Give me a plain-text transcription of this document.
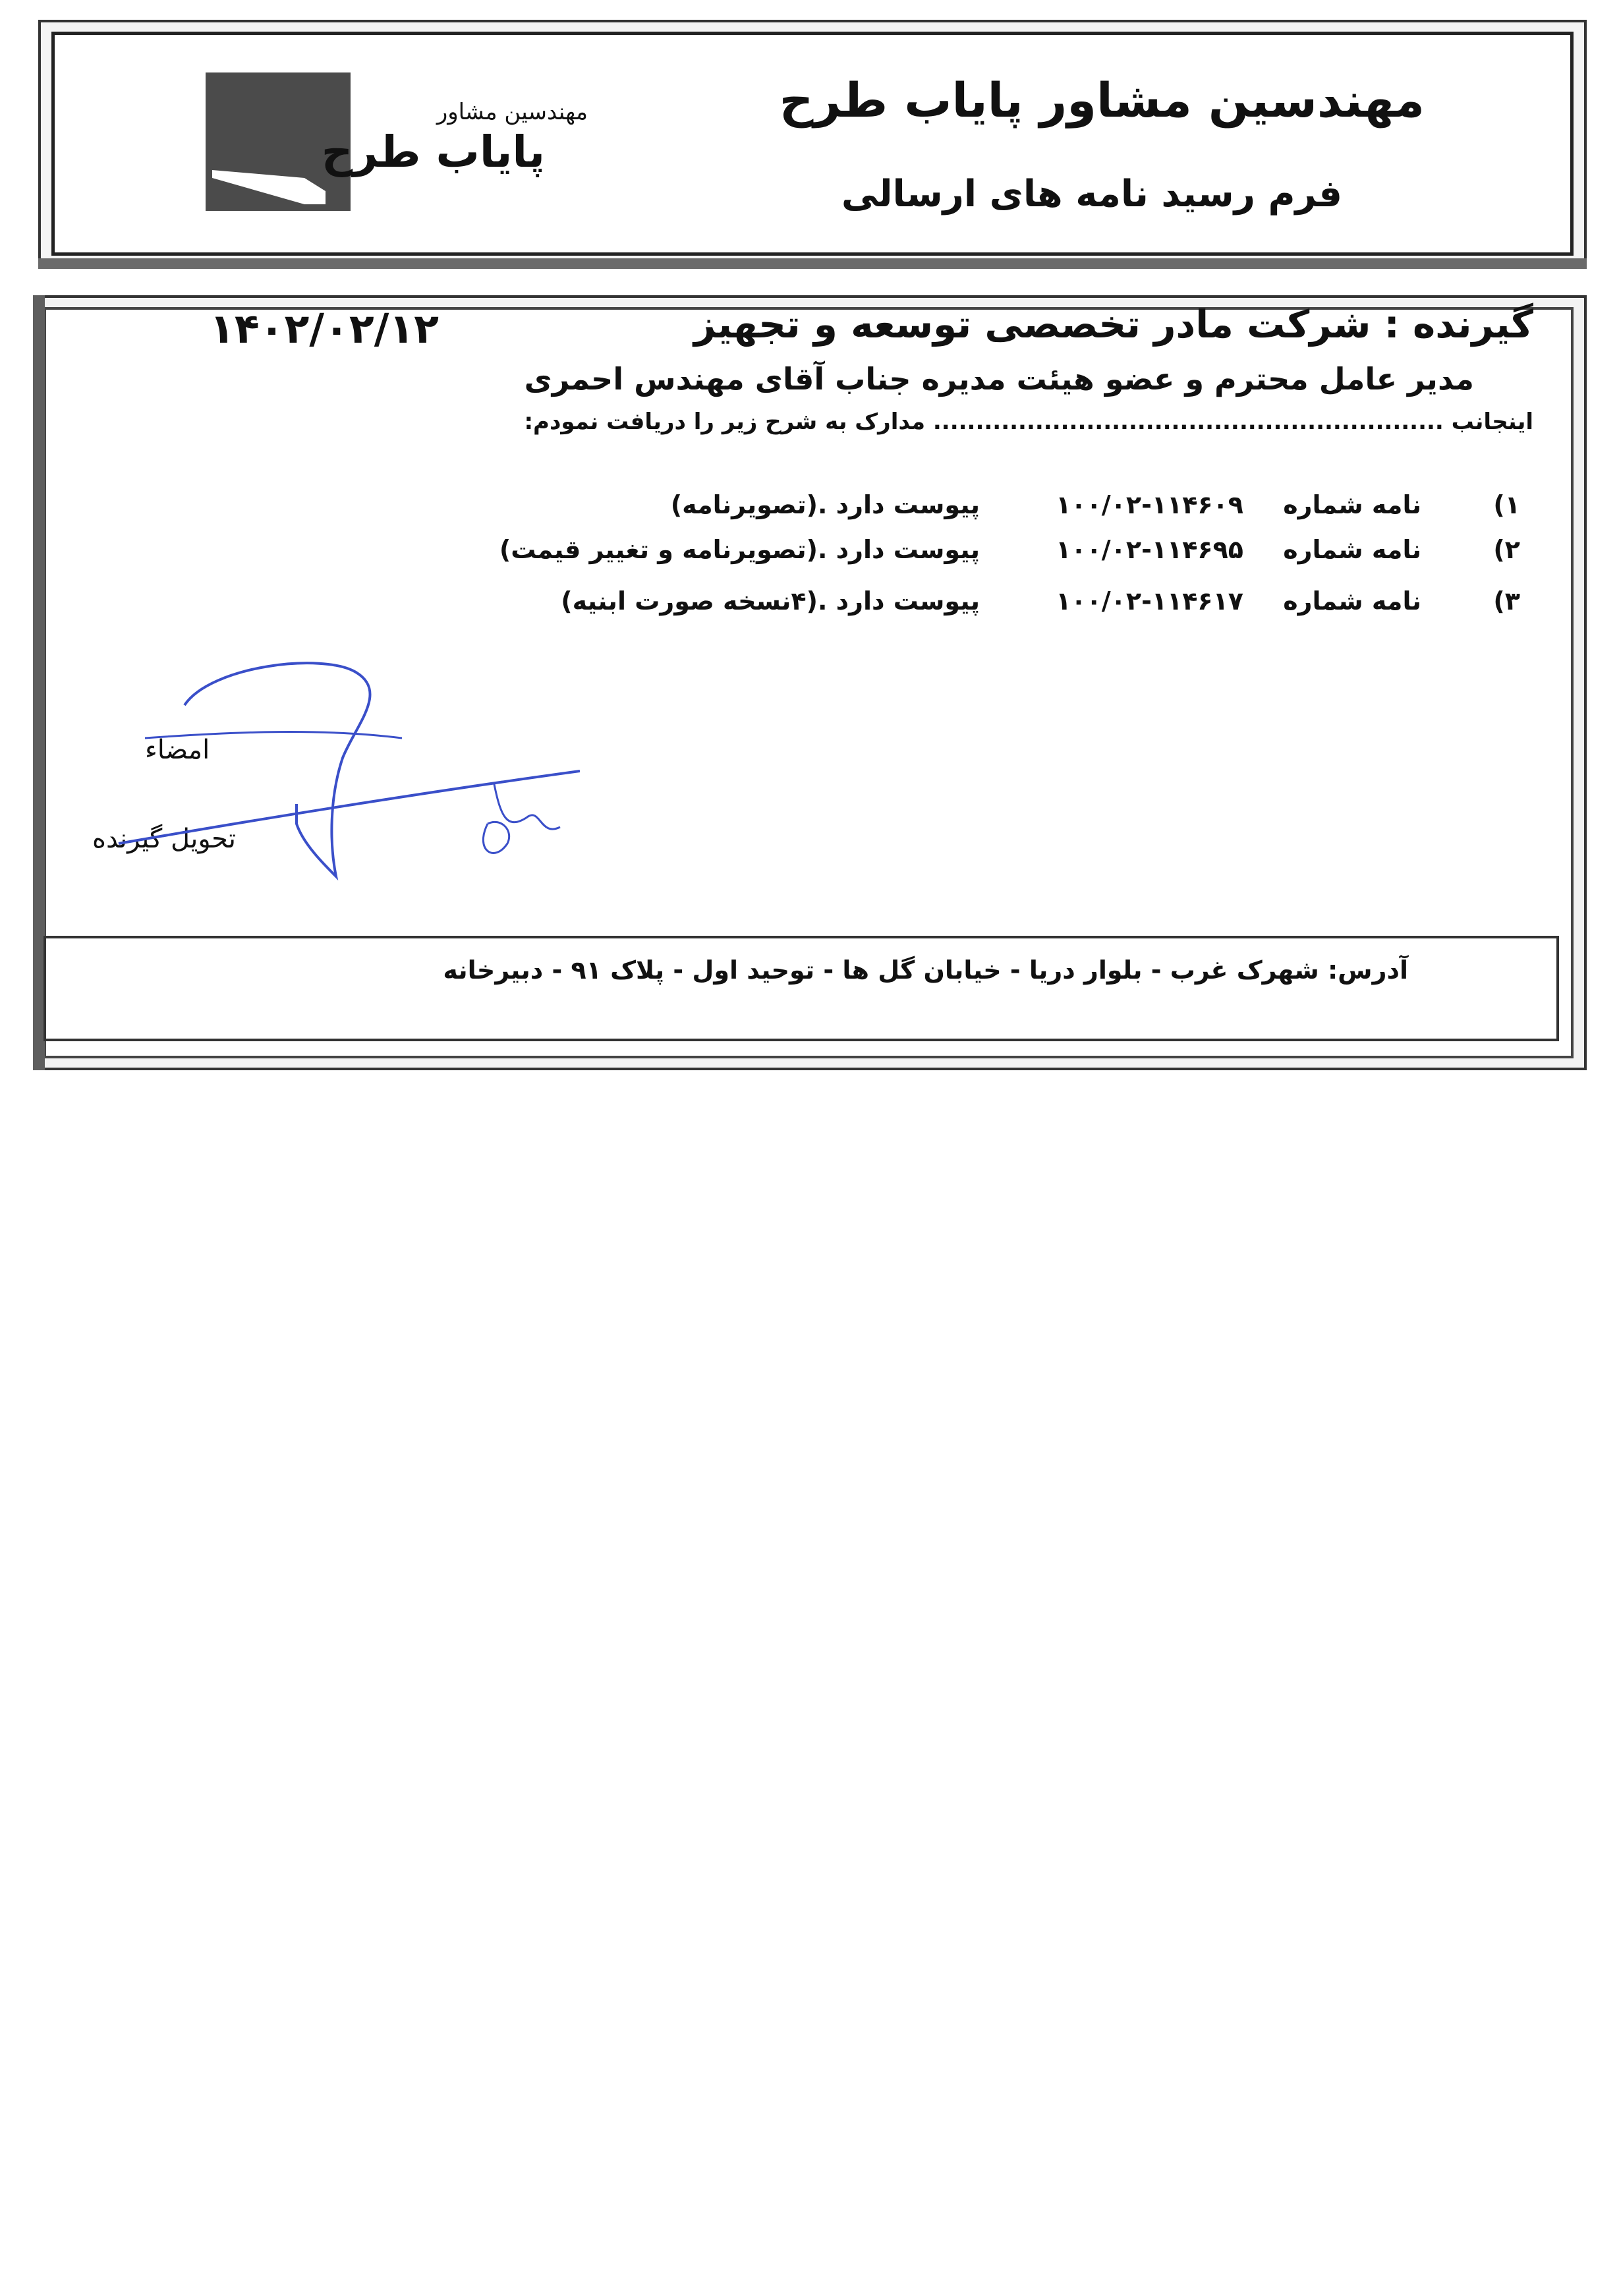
مهندسین مشاور
پایاب طرح
مهندسین مشاور پایاب طرح
فرم رسید نامه های ارسالی
گیرنده : شرکت مادر تخصصی توسعه و تجهیز
۱۴۰۲/۰۲/۱۲
مدیر عامل محترم و عضو هیئت مدیره جناب آقای مهندس احمری
اینجانب ............................................................ مدارک به شرح زیر را دریافت نمودم:
۱)
نامه شماره
۱۰۰/۰۲-۱۱۴۶۰۹
پیوست دارد .(تصویرنامه)
۲)
نامه شماره
۱۰۰/۰۲-۱۱۴۶۹۵
پیوست دارد .(تصویرنامه و تغییر قیمت)
۳)
نامه شماره
۱۰۰/۰۲-۱۱۴۶۱۷
پیوست دارد .(۴نسخه صورت ابنیه)
امضاء
تحویل گیرنده
آدرس: شهرک غرب - بلوار دریا - خیابان گل ها - توحید اول - پلاک ۹۱ - دبیرخانه
